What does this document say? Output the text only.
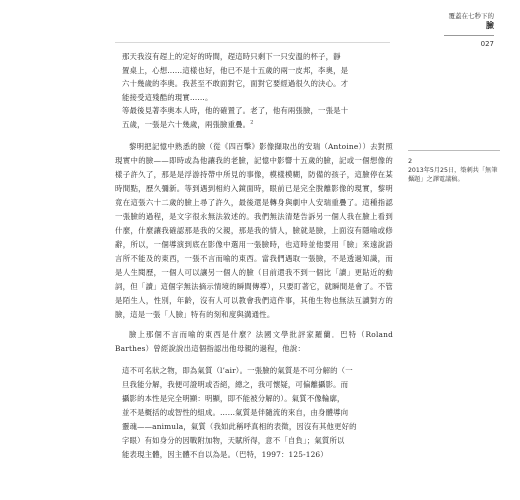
覆蓋在七秒下的
臉
027
那天我沒有趕上的定好的時間，趕這時只剩下一只安溫的杯子，靜
置桌上，心想……這樣也好，他已不是十五歲的兩一皮邦，李奧，是
六十幾歲的李奧。我甚至不敢面對它，面對它要經過很久的決心。才
能接受這殘酷的現實……。
等最後見著李奧本人時，他的確置了。老了，他有兩張臉，一張是十
五歲，一張是六十幾歲，兩張臉重疊。$^2$

黎明把記憶中熟悉的臉（從《四百擊》影像擷取出的安瑞（Antoine））去對照現實中的臉——即時或為他讓我的老臉，記憶中影響十五歲的臉，記或一個想像的樣子許久了，那是是浮游持帶中所見的事像，模樣模糊，防備的孩子，這臉停在某時間點，歷久彌新。等到遇到相約入鏡面時，眼前已是完全脫離影像的現實，黎明竟在這張六十二歲的臉上尋了許久，最後還是轉身與劇中人安瑞重疊了。這種指認一張臉的過程，是文字很永無法敘述的。我們無法清楚告訴另一個人我在臉上看到什麼，什麼讓我確認那是我的父親，那是我的情人，臉就是臉，上面沒有隱喻或修辭，所以，一個導演到底在影像中選用一張臉時，也這時並他要用「臉」來遠說語言所不能及的東西，一張不言而喻的東西。當我們遇取一張臉，不是透過知識，而是人生閱歷，一個人可以讓另一個人的臉（目前還我不到一個比「讀」更貼近的動詞，但「讀」這個字無法摘示情境的瞬間傳導），只要盯著它，就瞬間是會了。不管是陌生人，性別，年齡，沒有人可以教會我們這件事，其他生物也無法互讀對方的臉，這是一張「人臉」特有的刻和度與溝通性。

臉上那個不言而喻的東西是什麼？法國文學批評家羅蘭．巴特（Roland Barthes）曾經說說出這個指認出他母親的過程，他說：

這不可名狀之物，即為氣質（l’air）。一張臉的氣質是不可分解的（一
旦我能分解，我便可證明或否絕，總之，我可懷疑，可偏離攝影。而
攝影的本性是完全明顯：明顯，即不能被分解的）。氣質不像輪廓，
並不是概括的或智性的組成。……氣質是伴隨流的來自，由身體導向
靈魂——animula，氣質（我如此稱呼真相的表徵，因沒有其他更好的
字眼）有如身分的因戰附加物，天賦所得，意不「自負」；氣質所以
能表現主體，因主體不自以為是。（巴特，1997：125-126）
2
2013年5月25日，築刺共「無筆攝題」之譯電議稿。
